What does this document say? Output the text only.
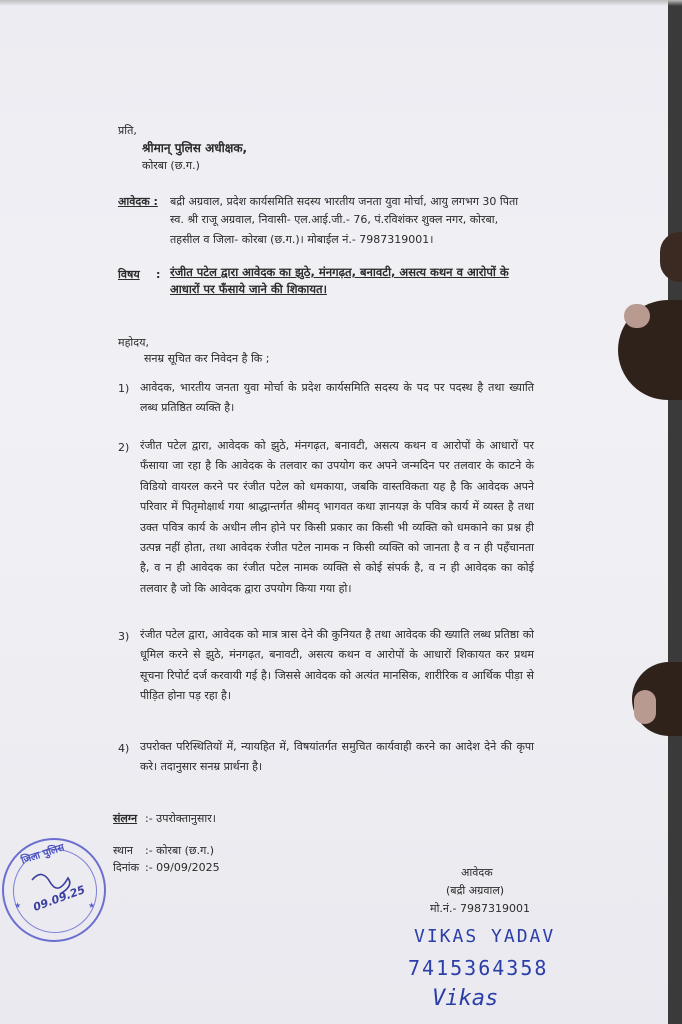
प्रति,
श्रीमान् पुलिस अधीक्षक,
कोरबा (छ.ग.)
आवेदक : बद्री अग्रवाल, प्रदेश कार्यसमिति सदस्य भारतीय जनता युवा मोर्चा, आयु लगभग 30 पिता
स्व. श्री राजू अग्रवाल, निवासी- एल.आई.जी.- 76, पं.रविशंकर शुक्ल नगर, कोरबा,
तहसील व जिला- कोरबा (छ.ग.)। मोबाईल नं.- 7987319001।
विषय : रंजीत पटेल द्वारा आवेदक का झुठे, मंनगढ़त, बनावटी, असत्य कथन व आरोपों के
आधारों पर फँसाये जाने की शिकायत।
महोदय,
सनम्र सूचित कर निवेदन है कि ;
1) आवेदक, भारतीय जनता युवा मोर्चा के प्रदेश कार्यसमिति सदस्य के पद पर पदस्थ है तथा ख्याति लब्ध प्रतिष्ठित व्यक्ति है।
2) रंजीत पटेल द्वारा, आवेदक को झुठे, मंनगढ़त, बनावटी, असत्य कथन व आरोपों के आधारों पर फँसाया जा रहा है कि आवेदक के तलवार का उपयोग कर अपने जन्मदिन पर तलवार के काटने के विडियो वायरल करने पर रंजीत पटेल को धमकाया, जबकि वास्तविकता यह है कि आवेदक अपने परिवार में पितृमोक्षार्थ गया श्राद्धान्तर्गत श्रीमद् भागवत कथा ज्ञानयज्ञ के पवित्र कार्य में व्यस्त है तथा उक्त पवित्र कार्य के अधीन लीन होने पर किसी प्रकार का किसी भी व्यक्ति को धमकाने का प्रश्न ही उत्पन्न नहीं होता, तथा आवेदक रंजीत पटेल नामक न किसी व्यक्ति को जानता है व न ही पहँचानता है, व न ही आवेदक का रंजीत पटेल नामक व्यक्ति से कोई संपर्क है, व न ही आवेदक का कोई तलवार है जो कि आवेदक द्वारा उपयोग किया गया हो।
3) रंजीत पटेल द्वारा, आवेदक को मात्र त्रास देने की कुनियत है तथा आवेदक की ख्याति लब्ध प्रतिष्ठा को धूमिल करने से झुठे, मंनगढ़त, बनावटी, असत्य कथन व आरोपों के आधारों शिकायत कर प्रथम सूचना रिपोर्ट दर्ज करवायी गई है। जिससे आवेदक को अत्यंत मानसिक, शारीरिक व आर्थिक पीड़ा से पीड़ित होना पड़ रहा है।
4) उपरोक्त परिस्थितियों में, न्यायहित में, विषयांतर्गत समुचित कार्यवाही करने का आदेश देने की कृपा करे। तदानुसार सनम्र प्रार्थना है।
संलग्न :- उपरोक्तानुसार।
स्थान :- कोरबा (छ.ग.)
दिनांक :- 09/09/2025	आवेदक
(बद्री अग्रवाल)
मो.नं.- 7987319001
VIKAS YADAV
7415364358
Vikas
जिला पुलिस
09.09.25
★	★
